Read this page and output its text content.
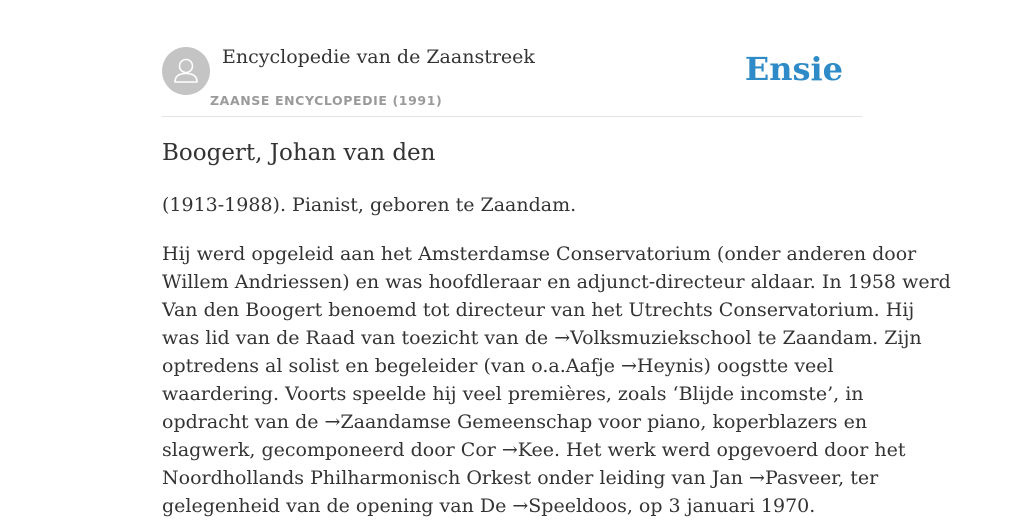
Encyclopedie van de Zaanstreek
ZAANSE ENCYCLOPEDIE (1991)
Ensie
Boogert, Johan van den

(1913-1988). Pianist, geboren te Zaandam.

Hij werd opgeleid aan het Amsterdamse Conservatorium (onder anderen door
Willem Andriessen) en was hoofdleraar en adjunct-directeur aldaar. In 1958 werd
Van den Boogert benoemd tot directeur van het Utrechts Conservatorium. Hij
was lid van de Raad van toezicht van de →Volksmuziekschool te Zaandam. Zijn
optredens al solist en begeleider (van o.a.Aafje →Heynis) oogstte veel
waardering. Voorts speelde hij veel premières, zoals ‘Blijde incomste’, in
opdracht van de →Zaandamse Gemeenschap voor piano, koperblazers en
slagwerk, gecomponeerd door Cor →Kee. Het werk werd opgevoerd door het
Noordhollands Philharmonisch Orkest onder leiding van Jan →Pasveer, ter
gelegenheid van de opening van De →Speeldoos, op 3 januari 1970.
